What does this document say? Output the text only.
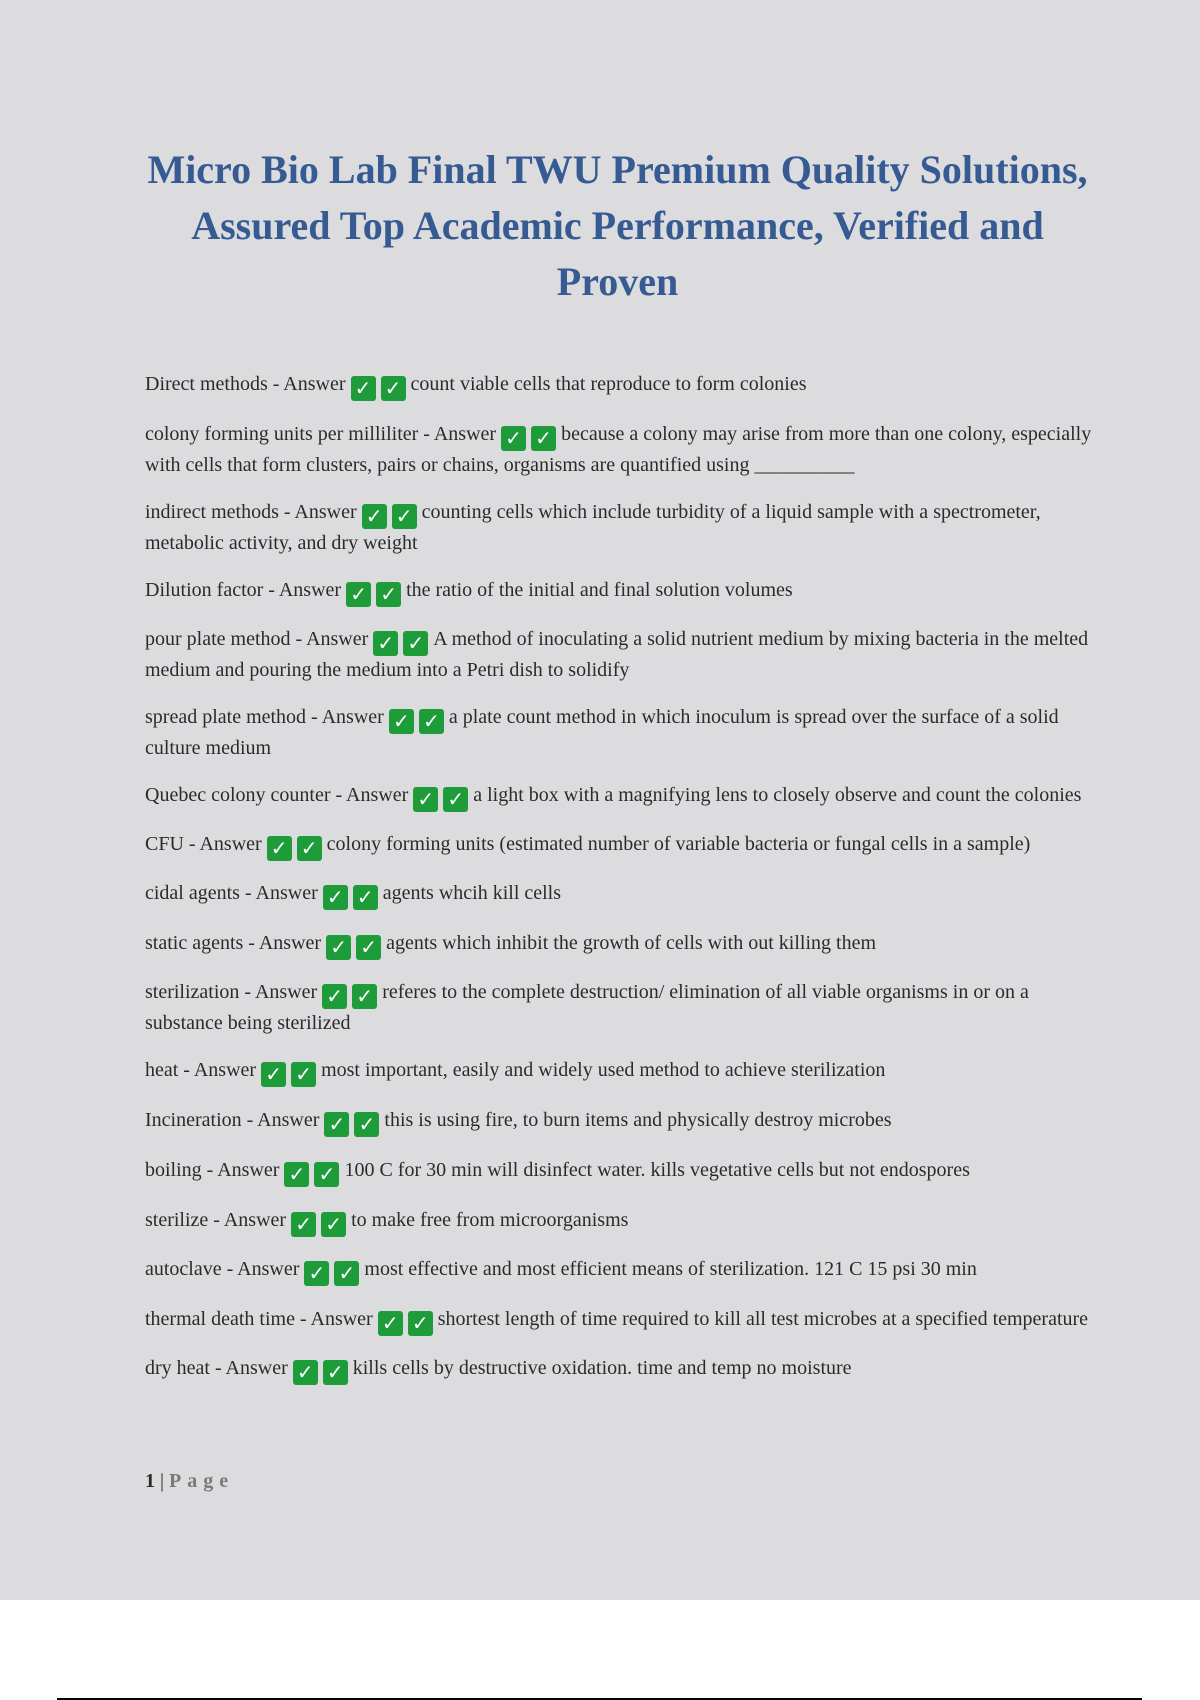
Micro Bio Lab Final TWU Premium Quality Solutions, Assured Top Academic Performance, Verified and Proven

Direct methods - Answer ✓ ✓ count viable cells that reproduce to form colonies

colony forming units per milliliter - Answer ✓ ✓ because a colony may arise from more than one colony, especially with cells that form clusters, pairs or chains, organisms are quantified using __________

indirect methods - Answer ✓ ✓ counting cells which include turbidity of a liquid sample with a spectrometer, metabolic activity, and dry weight

Dilution factor - Answer ✓ ✓ the ratio of the initial and final solution volumes

pour plate method - Answer ✓ ✓ A method of inoculating a solid nutrient medium by mixing bacteria in the melted medium and pouring the medium into a Petri dish to solidify

spread plate method - Answer ✓ ✓ a plate count method in which inoculum is spread over the surface of a solid culture medium

Quebec colony counter - Answer ✓ ✓ a light box with a magnifying lens to closely observe and count the colonies

CFU - Answer ✓ ✓ colony forming units (estimated number of variable bacteria or fungal cells in a sample)

cidal agents - Answer ✓ ✓ agents whcih kill cells

static agents - Answer ✓ ✓ agents which inhibit the growth of cells with out killing them

sterilization - Answer ✓ ✓ referes to the complete destruction/ elimination of all viable organisms in or on a substance being sterilized

heat - Answer ✓ ✓ most important, easily and widely used method to achieve sterilization

Incineration - Answer ✓ ✓ this is using fire, to burn items and physically destroy microbes

boiling - Answer ✓ ✓ 100 C for 30 min will disinfect water. kills vegetative cells but not endospores

sterilize - Answer ✓ ✓ to make free from microorganisms

autoclave - Answer ✓ ✓ most effective and most efficient means of sterilization. 121 C 15 psi 30 min

thermal death time - Answer ✓ ✓ shortest length of time required to kill all test microbes at a specified temperature

dry heat - Answer ✓ ✓ kills cells by destructive oxidation. time and temp no moisture

1 | Page
